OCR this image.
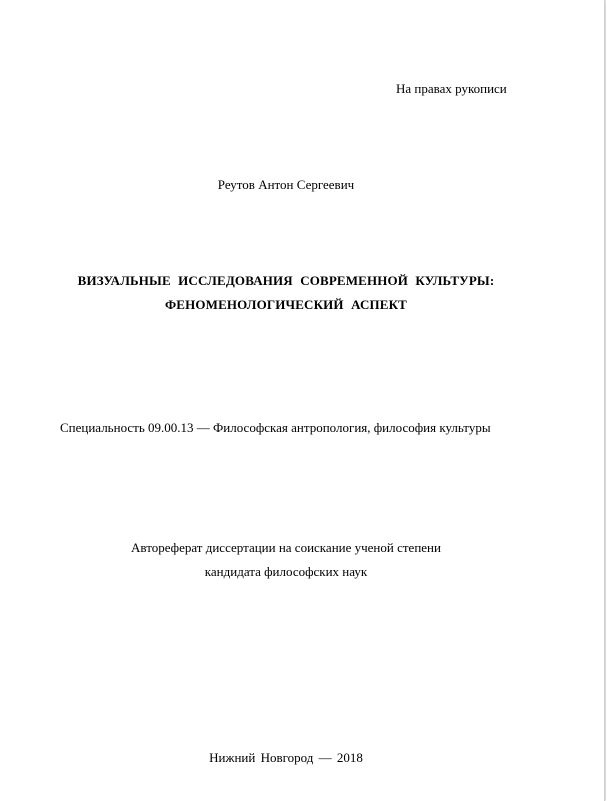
На правах рукописи
Реутов Антон Сергеевич
ВИЗУАЛЬНЫЕ ИССЛЕДОВАНИЯ СОВРЕМЕННОЙ КУЛЬТУРЫ:
ФЕНОМЕНОЛОГИЧЕСКИЙ АСПЕКТ
Специальность 09.00.13 — Философская антропология, философия культуры
Автореферат диссертации на соискание ученой степени
кандидата философских наук
Нижний Новгород — 2018
